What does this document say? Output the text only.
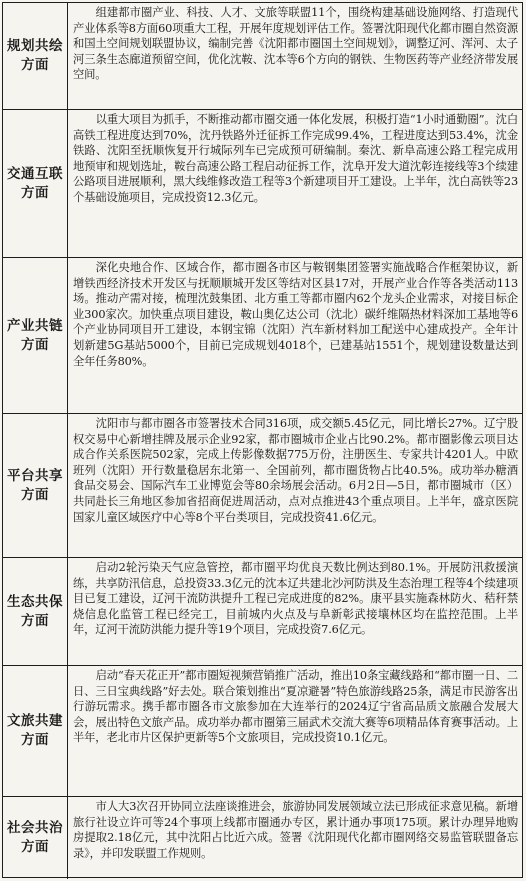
规划共绘
方面
组建都市圈产业、科技、人才、文旅等联盟11个，围绕构建基础设施网络、打造现代产业体系等8方面60项重大工程，开展年度规划评估工作。签署沈阳现代化都市圈自然资源和国土空间规划联盟协议，编制完善《沈阳都市圈国土空间规划》，调整辽河、浑河、太子河三条生态廊道预留空间，优化沈鞍、沈本等6个方向的钢铁、生物医药等产业经济带发展空间。
交通互联
方面
以重大项目为抓手，不断推动都市圈交通一体化发展，积极打造“1小时通勤圈”。沈白高铁工程进度达到70%，沈丹铁路外迁征拆工作完成99.4%，工程进度达到53.4%，沈金铁路、沈阳至抚顺恢复开行城际列车已完成预可研编制。秦沈、新阜高速公路工程完成用地预审和规划选址，鞍台高速公路工程启动征拆工作，沈阜开发大道沈彰连接线等3个续建公路项目进展顺利，黑大线维修改造工程等3个新建项目开工建设。上半年，沈白高铁等23个基础设施项目，完成投资12.3亿元。
产业共链
方面
深化央地合作、区域合作，都市圈各市区与鞍钢集团签署实施战略合作框架协议，新增铁西经济技术开发区与抚顺顺城开发区等结对区县17对，开展产业合作等各类活动113场。推动产需对接，梳理沈鼓集团、北方重工等都市圈内62个龙头企业需求，对接目标企业300家次。加快重点项目建设，鞍山奥亿达公司（沈北）碳纤维隔热材料深加工基地等6个产业协同项目开工建设，本钢宝锦（沈阳）汽车新材料加工配送中心建成投产。全年计划新建5G基站5000个，目前已完成规划4018个，已建基站1551个，规划建设数量达到全年任务80%。
平台共享
方面
沈阳市与都市圈各市签署技术合同316项，成交额5.45亿元，同比增长27%。辽宁股权交易中心新增挂牌及展示企业92家，都市圈城市企业占比90.2%。都市圈影像云项目达成合作关系医院502家，完成上传影像数据775万份，注册医生、专家共计4201人。中欧班列（沈阳）开行数量稳居东北第一、全国前列，都市圈货物占比40.5%。成功举办糖酒食品交易会、国际汽车工业博览会等80余场展会活动。6月2日—5日，都市圈城市（区）共同赴长三角地区参加省招商促进周活动，点对点推进43个重点项目。上半年，盛京医院国家儿童区域医疗中心等8个平台类项目，完成投资41.6亿元。
生态共保
方面
启动2轮污染天气应急管控，都市圈平均优良天数比例达到80.1%。开展防汛救援演练，共享防汛信息，总投资33.3亿元的沈本辽共建北沙河防洪及生态治理工程等4个续建项目已复工建设，辽河干流防洪提升工程已完成进度的82%。康平县实施森林防火、秸秆禁烧信息化监管工程已经完工，目前城内火点及与阜新彰武接壤林区均在监控范围。上半年，辽河干流防洪能力提升等19个项目，完成投资7.6亿元。
文旅共建
方面
启动“春天花正开”都市圈短视频营销推广活动，推出10条宝藏线路和“都市圈一日、二日、三日宝典线路”好去处。联合策划推出“夏凉避暑”特色旅游线路25条，满足市民游客出行游玩需求。携手都市圈各市文旅参加在大连举行的2024辽宁省高品质文旅融合发展大会，展出特色文旅产品。成功举办都市圈第三届武术交流大赛等6项精品体育赛事活动。上半年，老北市片区保护更新等5个文旅项目，完成投资10.1亿元。
社会共治
方面
市人大3次召开协同立法座谈推进会，旅游协同发展领域立法已形成征求意见稿。新增旅行社设立许可等24个事项上线都市圈通办专区，累计通办事项175项。累计办理异地购房提取2.18亿元，其中沈阳占比近六成。签署《沈阳现代化都市圈网络交易监管联盟备忘录》，并印发联盟工作规则。
